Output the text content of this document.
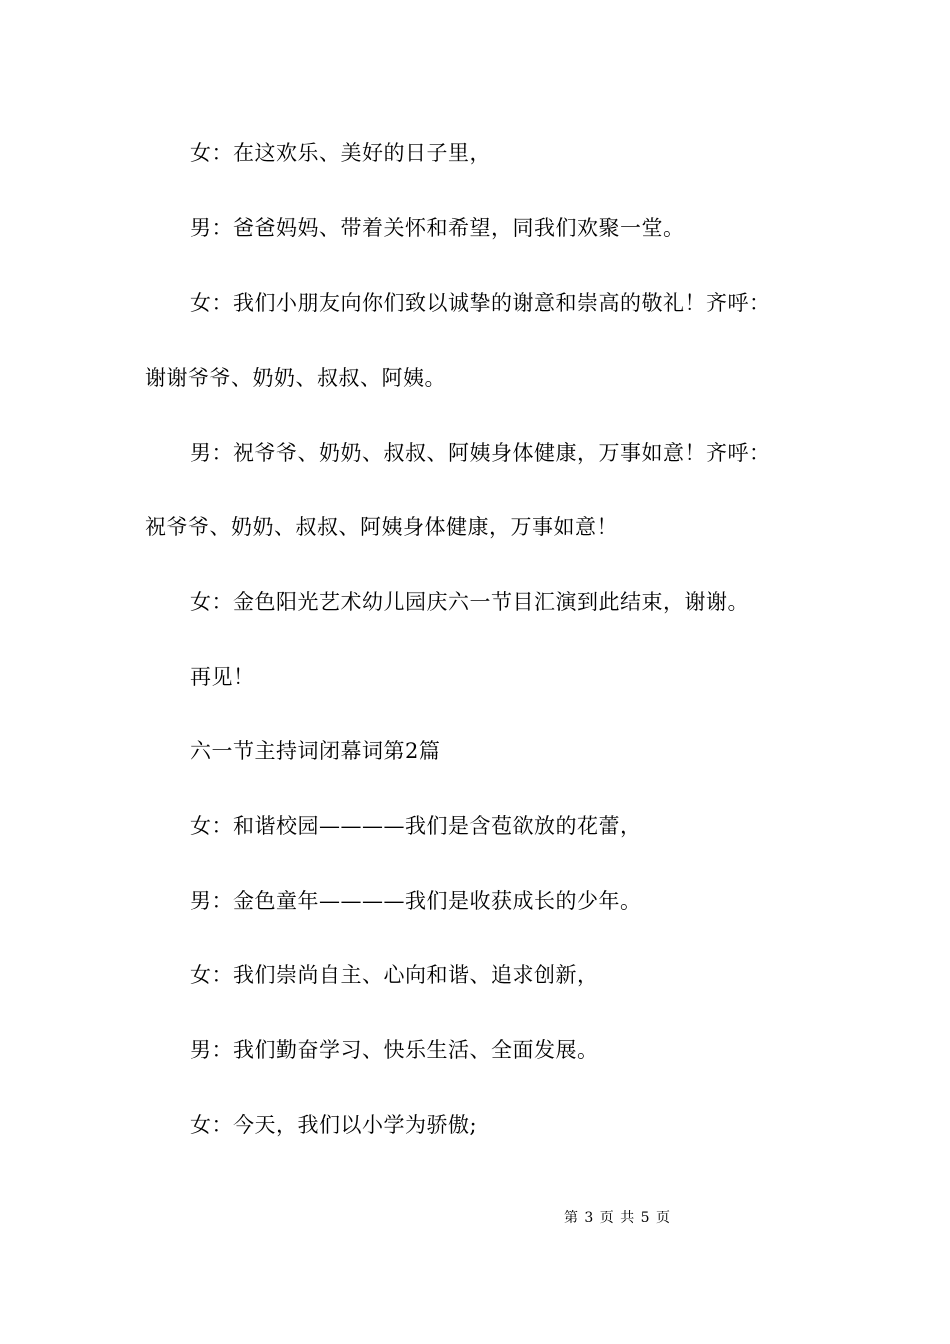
女：在这欢乐、美好的日子里，
男：爸爸妈妈、带着关怀和希望，同我们欢聚一堂。
女：我们小朋友向你们致以诚挚的谢意和崇高的敬礼！齐呼：
谢谢爷爷、奶奶、叔叔、阿姨。
男：祝爷爷、奶奶、叔叔、阿姨身体健康，万事如意！齐呼：
祝爷爷、奶奶、叔叔、阿姨身体健康，万事如意！
女：金色阳光艺术幼儿园庆六一节目汇演到此结束，谢谢。
再见！
六一节主持词闭幕词第2篇
女：和谐校园————我们是含苞欲放的花蕾，
男：金色童年————我们是收获成长的少年。
女：我们崇尚自主、心向和谐、追求创新，
男：我们勤奋学习、快乐生活、全面发展。
女：今天，我们以小学为骄傲;
第 3 页 共 5 页
